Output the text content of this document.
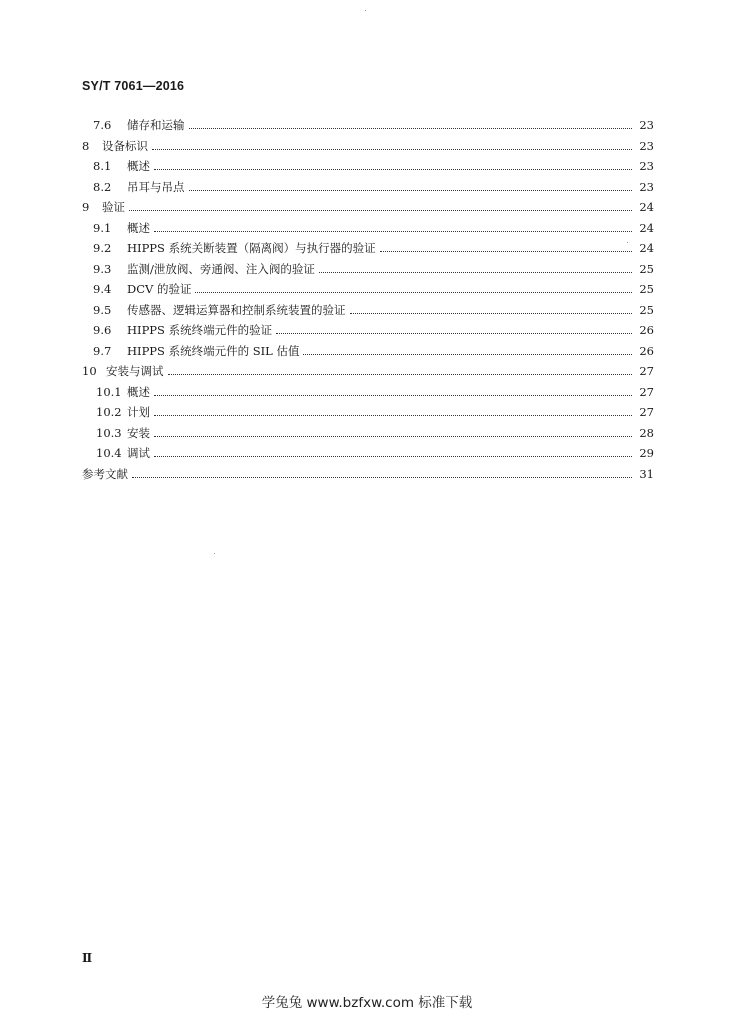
SY/T 7061—2016
7.6	储存和运输	23
8	设备标识	23
8.1	概述	23
8.2	吊耳与吊点	23
9	验证	24
9.1	概述	24
9.2	HIPPS 系统关断装置（隔离阀）与执行器的验证	24
9.3	监测/泄放阀、旁通阀、注入阀的验证	25
9.4	DCV 的验证	25
9.5	传感器、逻辑运算器和控制系统装置的验证	25
9.6	HIPPS 系统终端元件的验证	26
9.7	HIPPS 系统终端元件的 SIL 估值	26
10 安装与调试	27
10.1 概述	27
10.2 计划	27
10.3 安装	28
10.4 调试	29
参考文献	31
Ⅱ
学兔兔 www.bzfxw.com 标准下载
